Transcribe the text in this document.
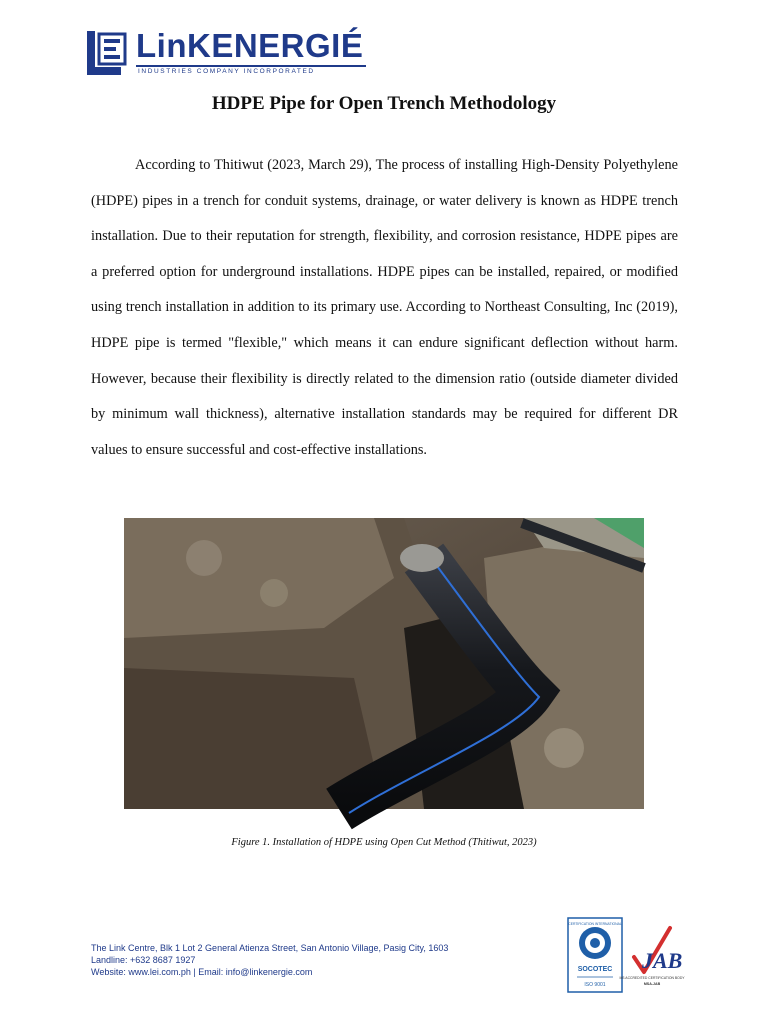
LinKENERGIÉ
INDUSTRIES COMPANY INCORPORATED
HDPE Pipe for Open Trench Methodology

According to Thitiwut (2023, March 29), The process of installing High-Density Polyethylene (HDPE) pipes in a trench for conduit systems, drainage, or water delivery is known as HDPE trench installation. Due to their reputation for strength, flexibility, and corrosion resistance, HDPE pipes are a preferred option for underground installations. HDPE pipes can be installed, repaired, or modified using trench installation in addition to its primary use. According to Northeast Consulting, Inc (2019), HDPE pipe is termed "flexible," which means it can endure significant deflection without harm. However, because their flexibility is directly related to the dimension ratio (outside diameter divided by minimum wall thickness), alternative installation standards may be required for different DR values to ensure successful and cost-effective installations.

Figure 1. Installation of HDPE using Open Cut Method (Thitiwut, 2023)

The Link Centre, Blk 1 Lot 2 General Atienza Street, San Antonio Village, Pasig City, 1603
Landline: +632 8687 1927
Website: www.lei.com.ph | Email: info@linkenergie.com
CERTIFICATION INTERNATIONAL
SOCOTEC
ISO 9001
JAB
MS ACCREDITED CERTIFICATION BODY
MSA-JAB
